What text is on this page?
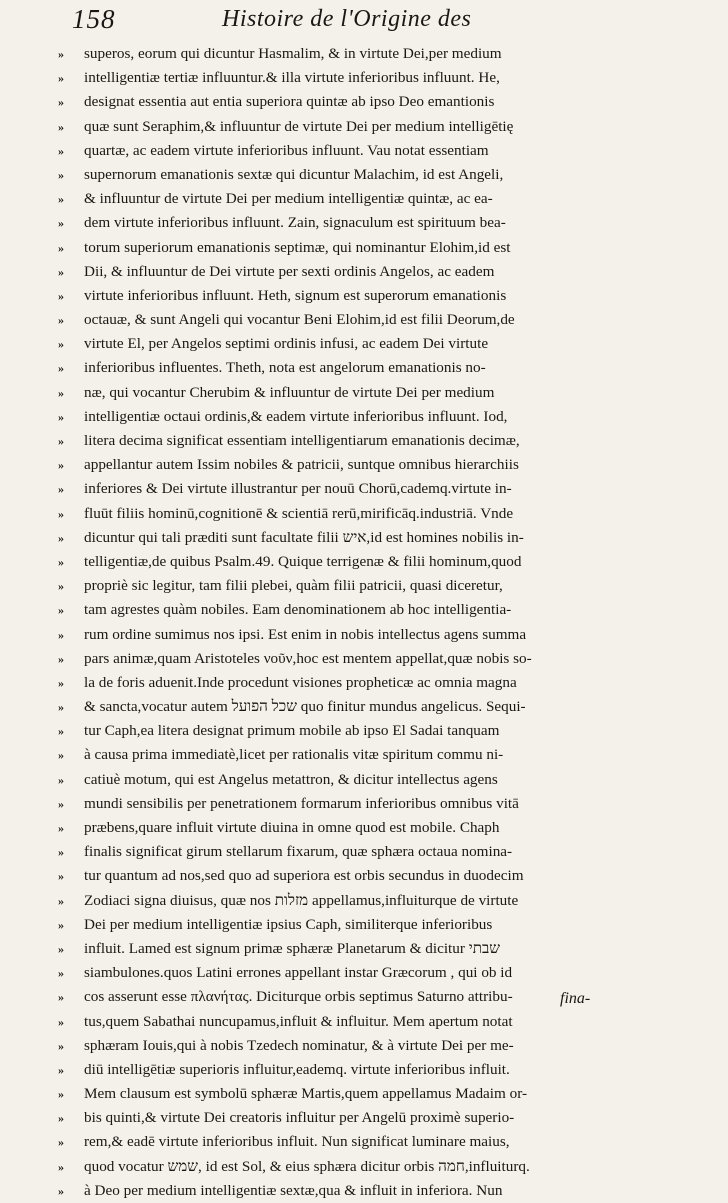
158	Histoire de l'Origine des
»	superos, eorum qui dicuntur Hasmalim, & in virtute Dei,per medium
»	intelligentiæ tertiæ influuntur.& illa virtute inferioribus influunt. He,
»	designat essentia aut entia superiora quintæ ab ipso Deo emantionis
»	quæ sunt Seraphim,& influuntur de virtute Dei per medium intelligētię
»	quartæ, ac eadem virtute inferioribus influunt. Vau notat essentiam
»	supernorum emanationis sextæ qui dicuntur Malachim, id est Angeli,
»	& influuntur de virtute Dei per medium intelligentiæ quintæ, ac ea-
»	dem virtute inferioribus influunt. Zain, signaculum est spirituum bea-
»	torum superiorum emanationis septimæ, qui nominantur Elohim,id est
»	Dii, & influuntur de Dei virtute per sexti ordinis Angelos, ac eadem
»	virtute inferioribus influunt. Heth, signum est superorum emanationis
»	octauæ, & sunt Angeli qui vocantur Beni Elohim,id est filii Deorum,de
»	virtute El, per Angelos septimi ordinis infusi, ac eadem Dei virtute
»	inferioribus influentes. Theth, nota est angelorum emanationis no-
»	næ, qui vocantur Cherubim & influuntur de virtute Dei per medium
»	intelligentiæ octaui ordinis,& eadem virtute inferioribus influunt. Iod,
»	litera decima significat essentiam intelligentiarum emanationis decimæ,
»	appellantur autem Issim nobiles & patricii, suntque omnibus hierarchiis
»	inferiores & Dei virtute illustrantur per nouū Chorū,cademq.virtute in-
»	fluūt filiis hominū,cognitionē & scientiā rerū,mirificāq.industriā. Vnde
»	dicuntur qui tali præditi sunt facultate filii איש,id est homines nobilis in-
»	telligentiæ,de quibus Psalm.49. Quique terrigenæ & filii hominum,quod
»	propriè sic legitur, tam filii plebei, quàm filii patricii, quasi diceretur,
»	tam agrestes quàm nobiles. Eam denominationem ab hoc intelligentia-
»	rum ordine sumimus nos ipsi. Est enim in nobis intellectus agens summa
»	pars animæ,quam Aristoteles νοῦν,hoc est mentem appellat,quæ nobis so-
»	la de foris aduenit.Inde procedunt visiones propheticæ ac omnia magna
»	& sancta,vocatur autem שכל הפועל quo finitur mundus angelicus. Sequi-
»	tur Caph,ea litera designat primum mobile ab ipso El Sadai tanquam
»	à causa prima immediatè,licet per rationalis vitæ spiritum commu ni-
»	catiuè motum, qui est Angelus metattron, & dicitur intellectus agens
»	mundi sensibilis per penetrationem formarum inferioribus omnibus vitā
»	præbens,quare influit virtute diuina in omne quod est mobile. Chaph
»	finalis significat girum stellarum fixarum, quæ sphæra octaua nomina-
»	tur quantum ad nos,sed quo ad superiora est orbis secundus in duodecim
»	Zodiaci signa diuisus, quæ nos מזלות appellamus,influiturque de virtute
»	Dei per medium intelligentiæ ipsius Caph, similiterque inferioribus
»	influit. Lamed est signum primæ sphæræ Planetarum & dicitur שבתי
»	siambulones.quos Latini errones appellant instar Græcorum , qui ob id
»	cos asserunt esse πλανήτας. Diciturque orbis septimus Saturno attribu-
»	tus,quem Sabathai nuncupamus,influit & influitur. Mem apertum notat
»	sphæram Iouis,qui à nobis Tzedech nominatur, & à virtute Dei per me-
»	diū intelligētiæ superioris influitur,eademq. virtute inferioribus influit.
»	Mem clausum est symbolū sphæræ Martis,quem appellamus Madaim or-
»	bis quinti,& virtute Dei creatoris influitur per Angelū proximè superio-
»	rem,& eadē virtute inferioribus influit. Nun significat luminare maius,
»	quod vocatur שמש, id est Sol, & eius sphæra dicitur orbis חמה,influiturq.
»	à Deo per medium intelligentiæ sextæ,qua & influit in inferiora. Nun
fina-
